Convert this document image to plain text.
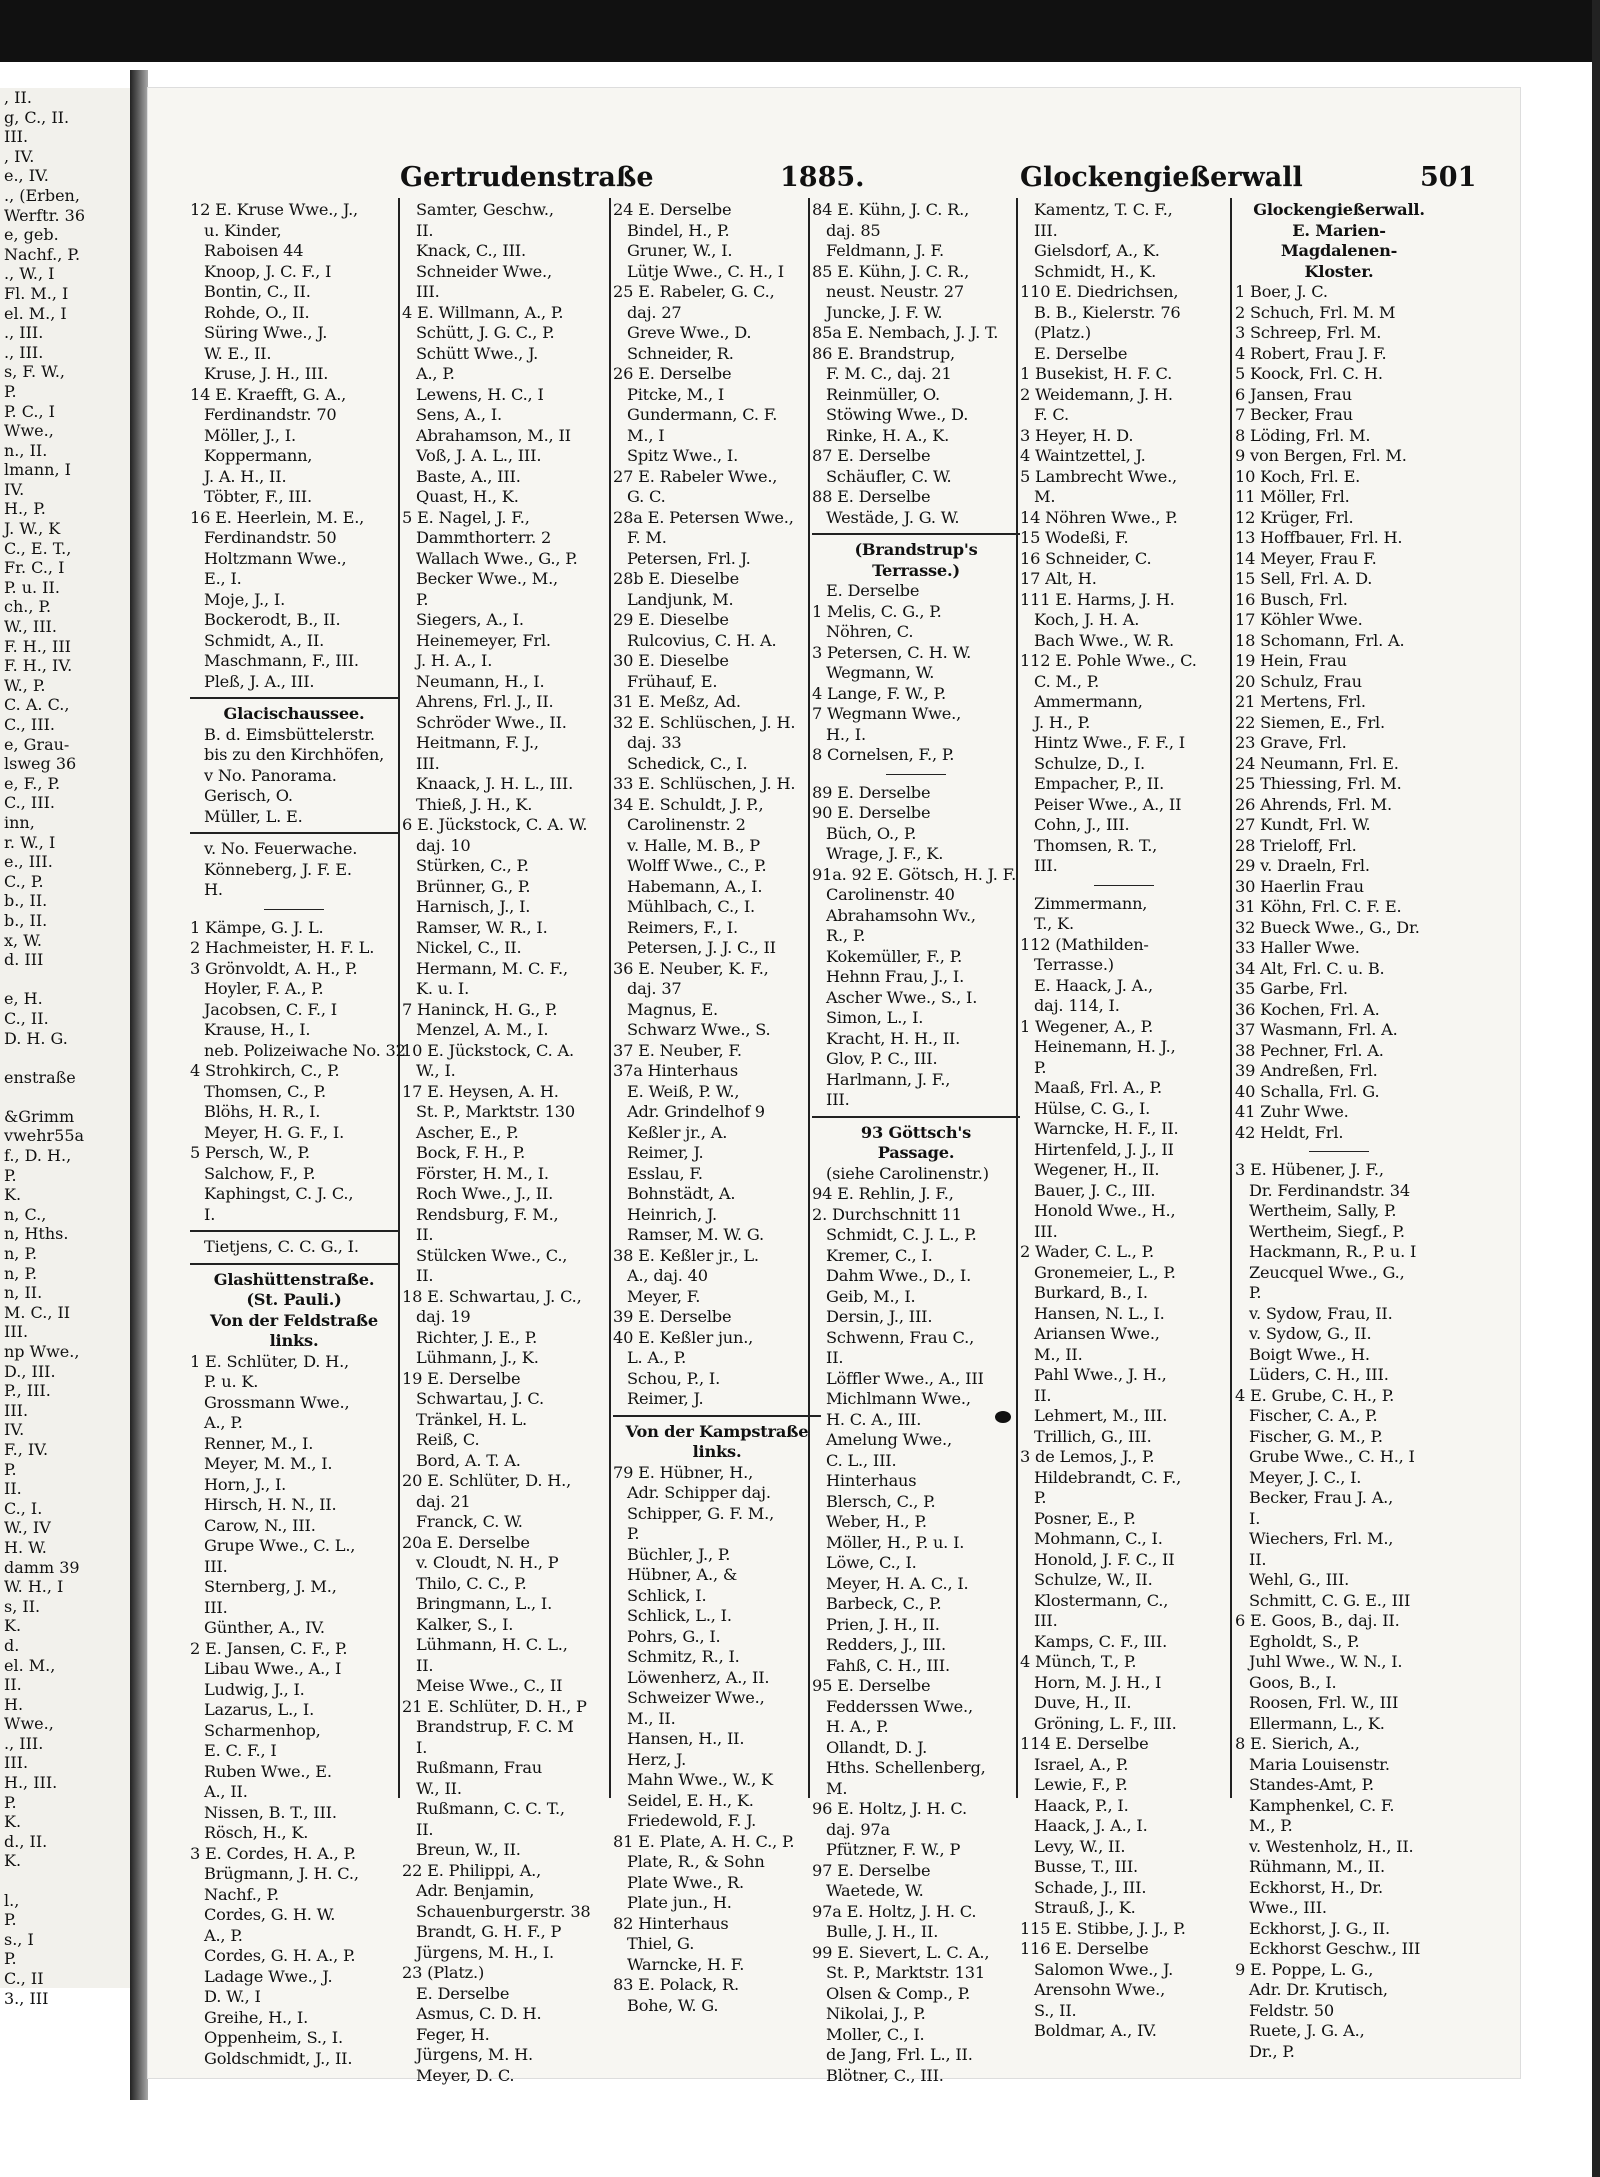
, II.
g, C., II.
III.
, IV.
e., IV.
., (Erben,
Werftr. 36
e, geb.
Nachf., P.
., W., I
Fl. M., I
el. M., I
., III.
., III.
s, F. W.,
P.
P. C., I
Wwe.,
n., II.
lmann, I
IV.
H., P.
J. W., K
C., E. T.,
Fr. C., I
P. u. II.
ch., P.
W., III.
F. H., III
F. H., IV.
W., P.
C. A. C.,
C., III.
e, Grau-
lsweg 36
e, F., P.
C., III.
inn,
r. W., I
e., III.
C., P.
b., II.
b., II.
x, W.
d. III

e, H.
C., II.
D. H. G.

enstraße

&Grimm
vwehr55a
f., D. H.,
P.
K.
n, C.,
n, Hths.
n, P.
n, P.
n, II.
M. C., II
III.
np Wwe.,
D., III.
P., III.
III.
IV.
F., IV.
P.
II.
C., I.
W., IV
H. W.
damm 39
W. H., I
s, II.
K.
d.
el. M.,
II.
H.
Wwe.,
., III.
III.
H., III.
P.
K.
d., II.
K.

l.,
P.
s., I
P.
C., II
3., III
Gertrudenstraße	1885.	Glockengießerwall	501
12 E. Kruse Wwe., J.,
u. Kinder,
Raboisen 44
Knoop, J. C. F., I
Bontin, C., II.
Rohde, O., II.
Süring Wwe., J.
W. E., II.
Kruse, J. H., III.
14 E. Kraefft, G. A.,
Ferdinandstr. 70
Möller, J., I.
Koppermann,
J. A. H., II.
Töbter, F., III.
16 E. Heerlein, M. E.,
Ferdinandstr. 50
Holtzmann Wwe.,
E., I.
Moje, J., I.
Bockerodt, B., II.
Schmidt, A., II.
Maschmann, F., III.
Pleß, J. A., III.
Glacischaussee.
B. d. Eimsbüttelerstr.
bis zu den Kirchhöfen,
v No. Panorama.
Gerisch, O.
Müller, L. E.
v. No. Feuerwache.
Könneberg, J. F. E.
H.
1 Kämpe, G. J. L.
2 Hachmeister, H. F. L.
3 Grönvoldt, A. H., P.
Hoyler, F. A., P.
Jacobsen, C. F., I
Krause, H., I.
neb. Polizeiwache No. 32
4 Strohkirch, C., P.
Thomsen, C., P.
Blöhs, H. R., I.
Meyer, H. G. F., I.
5 Persch, W., P.
Salchow, F., P.
Kaphingst, C. J. C.,
I.
Tietjens, C. C. G., I.
Glashüttenstraße.
(St. Pauli.)
Von der Feldstraße
links.
1 E. Schlüter, D. H.,
P. u. K.
Grossmann Wwe.,
A., P.
Renner, M., I.
Meyer, M. M., I.
Horn, J., I.
Hirsch, H. N., II.
Carow, N., III.
Grupe Wwe., C. L.,
III.
Sternberg, J. M.,
III.
Günther, A., IV.
2 E. Jansen, C. F., P.
Libau Wwe., A., I
Ludwig, J., I.
Lazarus, L., I.
Scharmenhop,
E. C. F., I
Ruben Wwe., E.
A., II.
Nissen, B. T., III.
Rösch, H., K.
3 E. Cordes, H. A., P.
Brügmann, J. H. C.,
Nachf., P.
Cordes, G. H. W.
A., P.
Cordes, G. H. A., P.
Ladage Wwe., J.
D. W., I
Greihe, H., I.
Oppenheim, S., I.
Goldschmidt, J., II.
Samter, Geschw.,
II.
Knack, C., III.
Schneider Wwe.,
III.
4 E. Willmann, A., P.
Schütt, J. G. C., P.
Schütt Wwe., J.
A., P.
Lewens, H. C., I
Sens, A., I.
Abrahamson, M., II
Voß, J. A. L., III.
Baste, A., III.
Quast, H., K.
5 E. Nagel, J. F.,
Dammthorterr. 2
Wallach Wwe., G., P.
Becker Wwe., M.,
P.
Siegers, A., I.
Heinemeyer, Frl.
J. H. A., I.
Neumann, H., I.
Ahrens, Frl. J., II.
Schröder Wwe., II.
Heitmann, F. J.,
III.
Knaack, J. H. L., III.
Thieß, J. H., K.
6 E. Jückstock, C. A. W.
daj. 10
Stürken, C., P.
Brünner, G., P.
Harnisch, J., I.
Ramser, W. R., I.
Nickel, C., II.
Hermann, M. C. F.,
K. u. I.
7 Haninck, H. G., P.
Menzel, A. M., I.
10 E. Jückstock, C. A.
W., I.
17 E. Heysen, A. H.
St. P., Marktstr. 130
Ascher, E., P.
Bock, F. H., P.
Förster, H. M., I.
Roch Wwe., J., II.
Rendsburg, F. M.,
II.
Stülcken Wwe., C.,
II.
18 E. Schwartau, J. C.,
daj. 19
Richter, J. E., P.
Lühmann, J., K.
19 E. Derselbe
Schwartau, J. C.
Tränkel, H. L.
Reiß, C.
Bord, A. T. A.
20 E. Schlüter, D. H.,
daj. 21
Franck, C. W.
20a E. Derselbe
v. Cloudt, N. H., P
Thilo, C. C., P.
Bringmann, L., I.
Kalker, S., I.
Lühmann, H. C. L.,
II.
Meise Wwe., C., II
21 E. Schlüter, D. H., P
Brandstrup, F. C. M
I.
Rußmann, Frau
W., II.
Rußmann, C. C. T.,
II.
Breun, W., II.
22 E. Philippi, A.,
Adr. Benjamin,
Schauenburgerstr. 38
Brandt, G. H. F., P
Jürgens, M. H., I.
23 (Platz.)
E. Derselbe
Asmus, C. D. H.
Feger, H.
Jürgens, M. H.
Meyer, D. C.
24 E. Derselbe
Bindel, H., P.
Gruner, W., I.
Lütje Wwe., C. H., I
25 E. Rabeler, G. C.,
daj. 27
Greve Wwe., D.
Schneider, R.
26 E. Derselbe
Pitcke, M., I
Gundermann, C. F.
M., I
Spitz Wwe., I.
27 E. Rabeler Wwe.,
G. C.
28a E. Petersen Wwe.,
F. M.
Petersen, Frl. J.
28b E. Dieselbe
Landjunk, M.
29 E. Dieselbe
Rulcovius, C. H. A.
30 E. Dieselbe
Frühauf, E.
31 E. Meßz, Ad.
32 E. Schlüschen, J. H.
daj. 33
Schedick, C., I.
33 E. Schlüschen, J. H.
34 E. Schuldt, J. P.,
Carolinenstr. 2
v. Halle, M. B., P
Wolff Wwe., C., P.
Habemann, A., I.
Mühlbach, C., I.
Reimers, F., I.
Petersen, J. J. C., II
36 E. Neuber, K. F.,
daj. 37
Magnus, E.
Schwarz Wwe., S.
37 E. Neuber, F.
37a Hinterhaus
E. Weiß, P. W.,
Adr. Grindelhof 9
Keßler jr., A.
Reimer, J.
Esslau, F.
Bohnstädt, A.
Heinrich, J.
Ramser, M. W. G.
38 E. Keßler jr., L.
A., daj. 40
Meyer, F.
39 E. Derselbe
40 E. Keßler jun.,
L. A., P.
Schou, P., I.
Reimer, J.
Von der Kampstraße
links.
79 E. Hübner, H.,
Adr. Schipper daj.
Schipper, G. F. M.,
P.
Büchler, J., P.
Hübner, A., &
Schlick, I.
Schlick, L., I.
Pohrs, G., I.
Schmitz, R., I.
Löwenherz, A., II.
Schweizer Wwe.,
M., II.
Hansen, H., II.
Herz, J.
Mahn Wwe., W., K
Seidel, E. H., K.
Friedewold, F. J.
81 E. Plate, A. H. C., P.
Plate, R., & Sohn
Plate Wwe., R.
Plate jun., H.
82 Hinterhaus
Thiel, G.
Warncke, H. F.
83 E. Polack, R.
Bohe, W. G.
84 E. Kühn, J. C. R.,
daj. 85
Feldmann, J. F.
85 E. Kühn, J. C. R.,
neust. Neustr. 27
Juncke, J. F. W.
85a E. Nembach, J. J. T.
86 E. Brandstrup,
F. M. C., daj. 21
Reinmüller, O.
Stöwing Wwe., D.
Rinke, H. A., K.
87 E. Derselbe
Schäufler, C. W.
88 E. Derselbe
Westäde, J. G. W.
(Brandstrup's
Terrasse.)
E. Derselbe
1 Melis, C. G., P.
Nöhren, C.
3 Petersen, C. H. W.
Wegmann, W.
4 Lange, F. W., P.
7 Wegmann Wwe.,
H., I.
8 Cornelsen, F., P.
89 E. Derselbe
90 E. Derselbe
Büch, O., P.
Wrage, J. F., K.
91a. 92 E. Götsch, H. J. F.
Carolinenstr. 40
Abrahamsohn Wv.,
R., P.
Kokemüller, F., P.
Hehnn Frau, J., I.
Ascher Wwe., S., I.
Simon, L., I.
Kracht, H. H., II.
Glov, P. C., III.
Harlmann, J. F.,
III.
93 Göttsch's
Passage.
(siehe Carolinenstr.)
94 E. Rehlin, J. F.,
2. Durchschnitt 11
Schmidt, C. J. L., P.
Kremer, C., I.
Dahm Wwe., D., I.
Geib, M., I.
Dersin, J., III.
Schwenn, Frau C.,
II.
Löffler Wwe., A., III
Michlmann Wwe.,
H. C. A., III.
Amelung Wwe.,
C. L., III.
Hinterhaus
Blersch, C., P.
Weber, H., P.
Möller, H., P. u. I.
Löwe, C., I.
Meyer, H. A. C., I.
Barbeck, C., P.
Prien, J. H., II.
Redders, J., III.
Fahß, C. H., III.
95 E. Derselbe
Fedderssen Wwe.,
H. A., P.
Ollandt, D. J.
Hths. Schellenberg,
M.
96 E. Holtz, J. H. C.
daj. 97a
Pfützner, F. W., P
97 E. Derselbe
Waetede, W.
97a E. Holtz, J. H. C.
Bulle, J. H., II.
99 E. Sievert, L. C. A.,
St. P., Marktstr. 131
Olsen & Comp., P.
Nikolai, J., P.
Moller, C., I.
de Jang, Frl. L., II.
Blötner, C., III.
Kamentz, T. C. F.,
III.
Gielsdorf, A., K.
Schmidt, H., K.
110 E. Diedrichsen,
B. B., Kielerstr. 76
(Platz.)
E. Derselbe
1 Busekist, H. F. C.
2 Weidemann, J. H.
F. C.
3 Heyer, H. D.
4 Waintzettel, J.
5 Lambrecht Wwe.,
M.
14 Nöhren Wwe., P.
15 Wodeßi, F.
16 Schneider, C.
17 Alt, H.
111 E. Harms, J. H.
Koch, J. H. A.
Bach Wwe., W. R.
112 E. Pohle Wwe., C.
C. M., P.
Ammermann,
J. H., P.
Hintz Wwe., F. F., I
Schulze, D., I.
Empacher, P., II.
Peiser Wwe., A., II
Cohn, J., III.
Thomsen, R. T.,
III.
Zimmermann,
T., K.
112 (Mathilden-
Terrasse.)
E. Haack, J. A.,
daj. 114, I.
1 Wegener, A., P.
Heinemann, H. J.,
P.
Maaß, Frl. A., P.
Hülse, C. G., I.
Warncke, H. F., II.
Hirtenfeld, J. J., II
Wegener, H., II.
Bauer, J. C., III.
Honold Wwe., H.,
III.
2 Wader, C. L., P.
Gronemeier, L., P.
Burkard, B., I.
Hansen, N. L., I.
Ariansen Wwe.,
M., II.
Pahl Wwe., J. H.,
II.
Lehmert, M., III.
Trillich, G., III.
3 de Lemos, J., P.
Hildebrandt, C. F.,
P.
Posner, E., P.
Mohmann, C., I.
Honold, J. F. C., II
Schulze, W., II.
Klostermann, C.,
III.
Kamps, C. F., III.
4 Münch, T., P.
Horn, M. J. H., I
Duve, H., II.
Gröning, L. F., III.
114 E. Derselbe
Israel, A., P.
Lewie, F., P.
Haack, P., I.
Haack, J. A., I.
Levy, W., II.
Busse, T., III.
Schade, J., III.
Strauß, J., K.
115 E. Stibbe, J. J., P.
116 E. Derselbe
Salomon Wwe., J.
Arensohn Wwe.,
S., II.
Boldmar, A., IV.
Glockengießerwall.
E. Marien-
Magdalenen-
Kloster.
1 Boer, J. C.
2 Schuch, Frl. M. M
3 Schreep, Frl. M.
4 Robert, Frau J. F.
5 Koock, Frl. C. H.
6 Jansen, Frau
7 Becker, Frau
8 Löding, Frl. M.
9 von Bergen, Frl. M.
10 Koch, Frl. E.
11 Möller, Frl.
12 Krüger, Frl.
13 Hoffbauer, Frl. H.
14 Meyer, Frau F.
15 Sell, Frl. A. D.
16 Busch, Frl.
17 Köhler Wwe.
18 Schomann, Frl. A.
19 Hein, Frau
20 Schulz, Frau
21 Mertens, Frl.
22 Siemen, E., Frl.
23 Grave, Frl.
24 Neumann, Frl. E.
25 Thiessing, Frl. M.
26 Ahrends, Frl. M.
27 Kundt, Frl. W.
28 Trieloff, Frl.
29 v. Draeln, Frl.
30 Haerlin Frau
31 Köhn, Frl. C. F. E.
32 Bueck Wwe., G., Dr.
33 Haller Wwe.
34 Alt, Frl. C. u. B.
35 Garbe, Frl.
36 Kochen, Frl. A.
37 Wasmann, Frl. A.
38 Pechner, Frl. A.
39 Andreßen, Frl.
40 Schalla, Frl. G.
41 Zuhr Wwe.
42 Heldt, Frl.
3 E. Hübener, J. F.,
Dr. Ferdinandstr. 34
Wertheim, Sally, P.
Wertheim, Siegf., P.
Hackmann, R., P. u. I
Zeucquel Wwe., G.,
P.
v. Sydow, Frau, II.
v. Sydow, G., II.
Boigt Wwe., H.
Lüders, C. H., III.
4 E. Grube, C. H., P.
Fischer, C. A., P.
Fischer, G. M., P.
Grube Wwe., C. H., I
Meyer, J. C., I.
Becker, Frau J. A.,
I.
Wiechers, Frl. M.,
II.
Wehl, G., III.
Schmitt, C. G. E., III
6 E. Goos, B., daj. II.
Egholdt, S., P.
Juhl Wwe., W. N., I.
Goos, B., I.
Roosen, Frl. W., III
Ellermann, L., K.
8 E. Sierich, A.,
Maria Louisenstr.
Standes-Amt, P.
Kamphenkel, C. F.
M., P.
v. Westenholz, H., II.
Rühmann, M., II.
Eckhorst, H., Dr.
Wwe., III.
Eckhorst, J. G., II.
Eckhorst Geschw., III
9 E. Poppe, L. G.,
Adr. Dr. Krutisch,
Feldstr. 50
Ruete, J. G. A.,
Dr., P.
